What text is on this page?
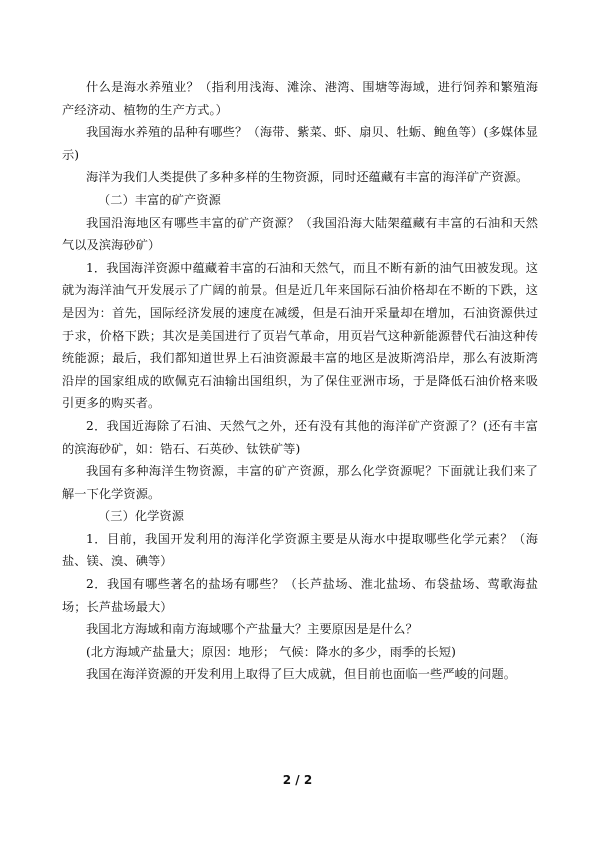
什么是海水养殖业？（指利用浅海、滩涂、港湾、围塘等海域，进行饲养和繁殖海产经济动、植物的生产方式。）

我国海水养殖的品种有哪些？（海带、紫菜、虾、扇贝、牡蛎、鲍鱼等）(多媒体显示)

海洋为我们人类提供了多种多样的生物资源，同时还蕴藏有丰富的海洋矿产资源。

（二）丰富的矿产资源

我国沿海地区有哪些丰富的矿产资源？（我国沿海大陆架蕴藏有丰富的石油和天然气以及滨海砂矿）

1．我国海洋资源中蕴藏着丰富的石油和天然气，而且不断有新的油气田被发现。这就为海洋油气开发展示了广阔的前景。但是近几年来国际石油价格却在不断的下跌，这是因为：首先，国际经济发展的速度在减缓，但是石油开采量却在增加，石油资源供过于求，价格下跌；其次是美国进行了页岩气革命，用页岩气这种新能源替代石油这种传统能源；最后，我们都知道世界上石油资源最丰富的地区是波斯湾沿岸，那么有波斯湾沿岸的国家组成的欧佩克石油输出国组织，为了保住亚洲市场，于是降低石油价格来吸引更多的购买者。

2．我国近海除了石油、天然气之外，还有没有其他的海洋矿产资源了？(还有丰富的滨海砂矿，如：锆石、石英砂、钛铁矿等)

我国有多种海洋生物资源，丰富的矿产资源，那么化学资源呢？下面就让我们来了解一下化学资源。

（三）化学资源

1．目前，我国开发利用的海洋化学资源主要是从海水中提取哪些化学元素？（海盐、镁、溴、碘等）

2．我国有哪些著名的盐场有哪些？（长芦盐场、淮北盐场、布袋盐场、莺歌海盐场；长芦盐场最大）

我国北方海域和南方海域哪个产盐量大？主要原因是是什么？

(北方海域产盐量大；原因：地形； 气候：降水的多少，雨季的长短)

我国在海洋资源的开发利用上取得了巨大成就，但目前也面临一些严峻的问题。

2 / 2
